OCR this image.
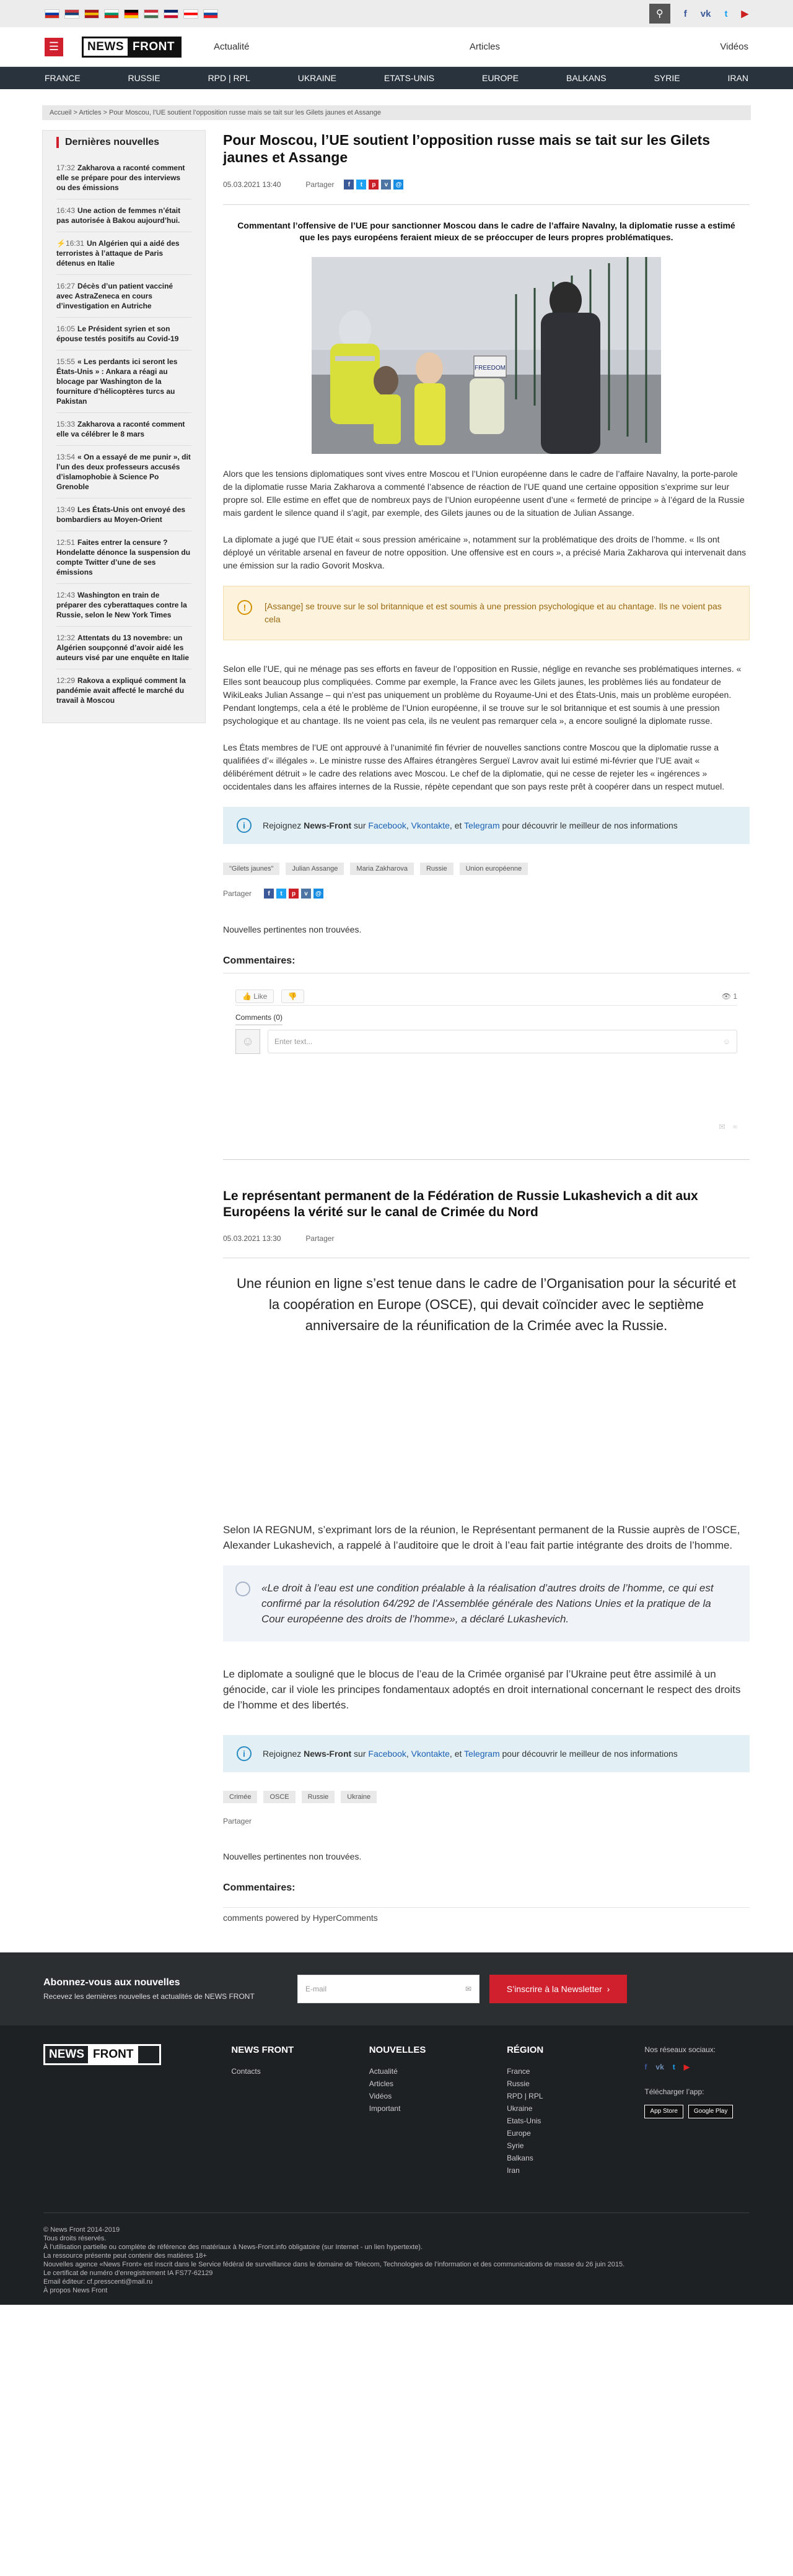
⚲	f vk t ▶
☰	NEWS FRONT	Actualité	Articles	Vidéos
FRANCE	RUSSIE	RPD | RPL	UKRAINE	ETATS-UNIS	EUROPE	BALKANS	SYRIE	IRAN
Accueil > Articles > Pour Moscou, l’UE soutient l’opposition russe mais se tait sur les Gilets jaunes et Assange
Dernières nouvelles
17:32 Zakharova a raconté comment elle se prépare pour des interviews ou des émissions
16:43 Une action de femmes n’était pas autorisée à Bakou aujourd’hui.
⚡16:31 Un Algérien qui a aidé des terroristes à l’attaque de Paris détenus en Italie
16:27 Décès d’un patient vacciné avec AstraZeneca en cours d’investigation en Autriche
16:05 Le Président syrien et son épouse testés positifs au Covid-19
15:55 « Les perdants ici seront les États-Unis » : Ankara a réagi au blocage par Washington de la fourniture d’hélicoptères turcs au Pakistan
15:33 Zakharova a raconté comment elle va célébrer le 8 mars
13:54 « On a essayé de me punir », dit l’un des deux professeurs accusés d’islamophobie à Science Po Grenoble
13:49 Les États-Unis ont envoyé des bombardiers au Moyen-Orient
12:51 Faites entrer la censure ? Hondelatte dénonce la suspension du compte Twitter d’une de ses émissions
12:43 Washington en train de préparer des cyberattaques contre la Russie, selon le New York Times
12:32 Attentats du 13 novembre: un Algérien soupçonné d’avoir aidé les auteurs visé par une enquête en Italie
12:29 Rakova a expliqué comment la pandémie avait affecté le marché du travail à Moscou
Pour Moscou, l’UE soutient l’opposition russe mais se tait sur les Gilets jaunes et Assange
05.03.2021 13:40	Partager	f	t	p	v	@

Commentant l’offensive de l’UE pour sanctionner Moscou dans le cadre de l’affaire Navalny, la diplomatie russe a estimé que les pays européens feraient mieux de se préoccuper de leurs propres problématiques.

FREEDOM

Alors que les tensions diplomatiques sont vives entre Moscou et l’Union européenne dans le cadre de l’affaire Navalny, la porte-parole de la diplomatie russe Maria Zakharova a commenté l’absence de réaction de l’UE quand une certaine opposition s’exprime sur leur propre sol. Elle estime en effet que de nombreux pays de l’Union européenne usent d’une « fermeté de principe » à l’égard de la Russie mais gardent le silence quand il s’agit, par exemple, des Gilets jaunes ou de la situation de Julian Assange.

La diplomate a jugé que l’UE était « sous pression américaine », notamment sur la problématique des droits de l’homme. « Ils ont déployé un véritable arsenal en faveur de notre opposition. Une offensive est en cours », a précisé Maria Zakharova qui intervenait dans une émission sur la radio Govorit Moskva.

!	[Assange] se trouve sur le sol britannique et est soumis à une pression psychologique et au chantage. Ils ne voient pas cela

Selon elle l’UE, qui ne ménage pas ses efforts en faveur de l’opposition en Russie, néglige en revanche ses problématiques internes. « Elles sont beaucoup plus compliquées. Comme par exemple, la France avec les Gilets jaunes, les problèmes liés au fondateur de WikiLeaks Julian Assange – qui n’est pas uniquement un problème du Royaume-Uni et des États-Unis, mais un problème européen. Pendant longtemps, cela a été le problème de l’Union européenne, il se trouve sur le sol britannique et est soumis à une pression psychologique et au chantage. Ils ne voient pas cela, ils ne veulent pas remarquer cela », a encore souligné la diplomate russe.

Les États membres de l’UE ont approuvé à l’unanimité fin février de nouvelles sanctions contre Moscou que la diplomatie russe a qualifiées d’« illégales ». Le ministre russe des Affaires étrangères Sergueï Lavrov avait lui estimé mi-février que l’UE avait « délibérément détruit » le cadre des relations avec Moscou. Le chef de la diplomatie, qui ne cesse de rejeter les « ingérences » occidentales dans les affaires internes de la Russie, répète cependant que son pays reste prêt à coopérer dans un respect mutuel.

i	Rejoignez News-Front sur Facebook, Vkontakte, et Telegram pour découvrir le meilleur de nos informations
"Gilets jaunes"	Julian Assange	Maria Zakharova	Russie	Union européenne
Partager	f	t	p	v	@
Nouvelles pertinentes non trouvées.
Commentaires:
👍 Like	👎	👁 1
Comments (0)
☺	Enter text...	☺
✉ ≈
Le représentant permanent de la Fédération de Russie Lukashevich a dit aux Européens la vérité sur le canal de Crimée du Nord
05.03.2021 13:30	Partager

Une réunion en ligne s’est tenue dans le cadre de l’Organisation pour la sécurité et la coopération en Europe (OSCE), qui devait coïncider avec le septième anniversaire de la réunification de la Crimée avec la Russie.

Selon IA REGNUM, s’exprimant lors de la réunion, le Représentant permanent de la Russie auprès de l’OSCE, Alexander Lukashevich, a rappelé à l’auditoire que le droit à l’eau fait partie intégrante des droits de l’homme.

«Le droit à l’eau est une condition préalable à la réalisation d’autres droits de l’homme, ce qui est confirmé par la résolution 64/292 de l’Assemblée générale des Nations Unies et la pratique de la Cour européenne des droits de l’homme», a déclaré Lukashevich.

Le diplomate a souligné que le blocus de l’eau de la Crimée organisé par l’Ukraine peut être assimilé à un génocide, car il viole les principes fondamentaux adoptés en droit international concernant le respect des droits de l’homme et des libertés.

i	Rejoignez News-Front sur Facebook, Vkontakte, et Telegram pour découvrir le meilleur de nos informations
Crimée	OSCE	Russie	Ukraine
Partager
Nouvelles pertinentes non trouvées.
Commentaires:
comments powered by HyperComments
Abonnez-vous aux nouvelles
Recevez les dernières nouvelles et actualités de NEWS FRONT
E-mail	✉	S’inscrire à la Newsletter ›
NEWS FRONT	NEWS FRONT
Contacts
NOUVELLES
Actualité
Articles
Vidéos
Important
RÉGION
France
Russie
RPD | RPL
Ukraine
Etats-Unis
Europe
Syrie
Balkans
Iran
Nos réseaux sociaux:
f vk t ▶
Télécharger l’app:
App Store	Google Play
© News Front 2014-2019
Tous droits réservés.
À l’utilisation partielle ou complète de référence des matériaux à News-Front.info obligatoire (sur Internet - un lien hypertexte).
La ressource présente peut contenir des matières 18+
Nouvelles agence «News Front» est inscrit dans le Service fédéral de surveillance dans le domaine de Telecom, Technologies de l’information et des communications de masse du 26 juin 2015.
Le certificat de numéro d’enregistrement IA FS77-62129
Email éditeur: cf.presscenti@mail.ru
À propos News Front
